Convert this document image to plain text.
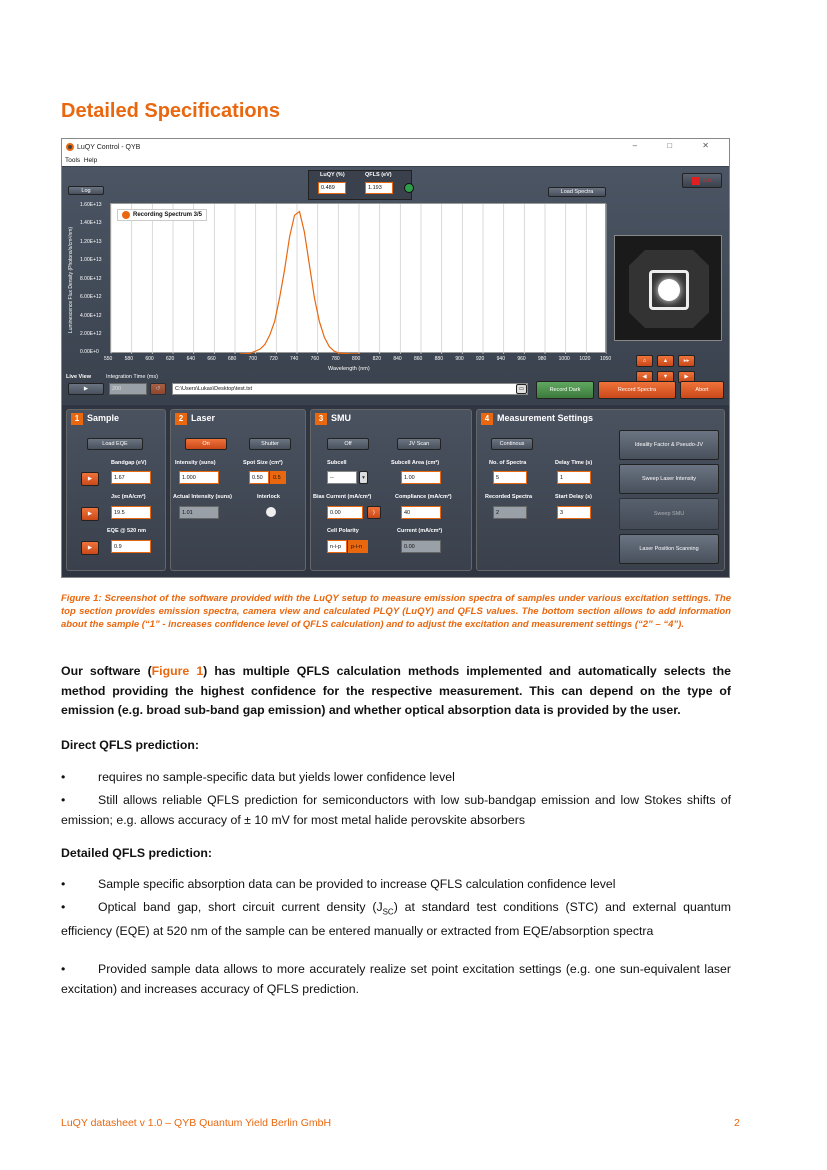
Detailed Specifications
LuQY Control - QYB	– □ ✕
Tools Help
Log
LuQY (%)
0.489
QFLS (eV)
1.193
Load Spectra
Exit
1.60E+13
1.40E+13
1.20E+13
1.00E+13
8.00E+12
6.00E+12
4.00E+12
2.00E+12
0.00E+0
Luminescence Flux Density (Photons/s/cm²/nm)
Recording Spectrum 3/5
550 580 600 620 640 660 680 700 720 740 760 780 800 820 840 860 880 900 920 940 960 980 1000 1020 1050
Wavelength (nm)
⌂	▲	▸▸
◀	▼	▶
Live View	Integration Time (ms)
▶	200	↺	C:\Users\Lukas\Desktop\test.txt	▭	Record Dark	Record Spectra	Abort
1 Sample
Load EQE
Bandgap (eV)
▶	1.67
Jsc (mA/cm²)
▶	19.5
EQE @ 520 nm
▶	0.9
2 Laser
On	Shutter
Intensity (suns)
1.000
Spot Size (cm²)
0.50	0.5
Actual Intensity (suns)
1.01
Interlock
3 SMU
Off	JV Scan
Subcell
--	▾
Subcell Area (cm²)
1.00
Bias Current (mA/cm²)
0.00	⟩
Compliance (mA/cm²)
40
Cell Polarity
n-i-p	p-i-n
Current (mA/cm²)
0.00
4 Measurement Settings
Continous
No. of Spectra
5
Delay Time (s)
1
Recorded Spectra
2
Start Delay (s)
3
Ideality Factor & Pseudo-JV
Sweep Laser Intensity
Sweep SMU
Laser Position Scanning
Figure 1: Screenshot of the software provided with the LuQY setup to measure emission spectra of samples under various excitation settings. The top section provides emission spectra, camera view and calculated PLQY (LuQY) and QFLS values. The bottom section allows to add information about the sample (“1” - increases confidence level of QFLS calculation) and to adjust the excitation and measurement settings (“2” – “4”).
Our software (Figure 1) has multiple QFLS calculation methods implemented and automatically selects the method providing the highest confidence for the respective measurement. This can depend on the type of emission (e.g. broad sub-band gap emission) and whether optical absorption data is provided by the user.
Direct QFLS prediction:
•	requires no sample-specific data but yields lower confidence level
•	Still allows reliable QFLS prediction for semiconductors with low sub-bandgap emission and low Stokes shifts of emission; e.g. allows accuracy of ± 10 mV for most metal halide perovskite absorbers
Detailed QFLS prediction:
•	Sample specific absorption data can be provided to increase QFLS calculation confidence level
•	Optical band gap, short circuit current density $(J_{SC})$ at standard test conditions (STC) and external quantum efficiency (EQE) at 520 nm of the sample can be entered manually or extracted from EQE/absorption spectra
•	Provided sample data allows to more accurately realize set point excitation settings (e.g. one sun-equivalent laser excitation) and increases accuracy of QFLS prediction.
LuQY datasheet v 1.0 – QYB Quantum Yield Berlin GmbH	2
